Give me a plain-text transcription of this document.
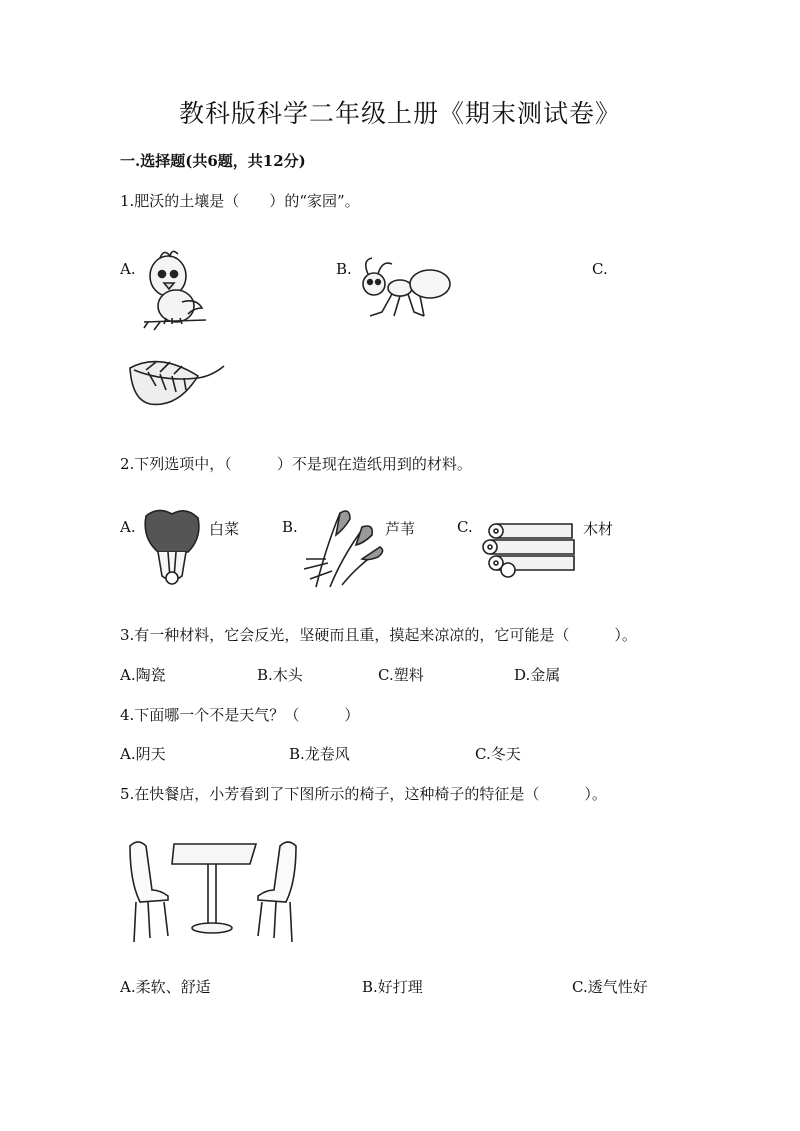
教科版科学二年级上册《期末测试卷》
一.选择题(共6题，共12分)
1.肥沃的土壤是（　　）的“家园”。
A.	B.	C.
2.下列选项中，（　　　）不是现在造纸用到的材料。
A.	白菜	B.	芦苇	C.	木材
3.有一种材料，它会反光，坚硬而且重，摸起来凉凉的，它可能是（　　　）。
A.陶瓷	B.木头	C.塑料	D.金属
4.下面哪一个不是天气？（　　　）
A.阴天	B.龙卷风	C.冬天
5.在快餐店，小芳看到了下图所示的椅子，这种椅子的特征是（　　　）。
A.柔软、舒适	B.好打理	C.透气性好
